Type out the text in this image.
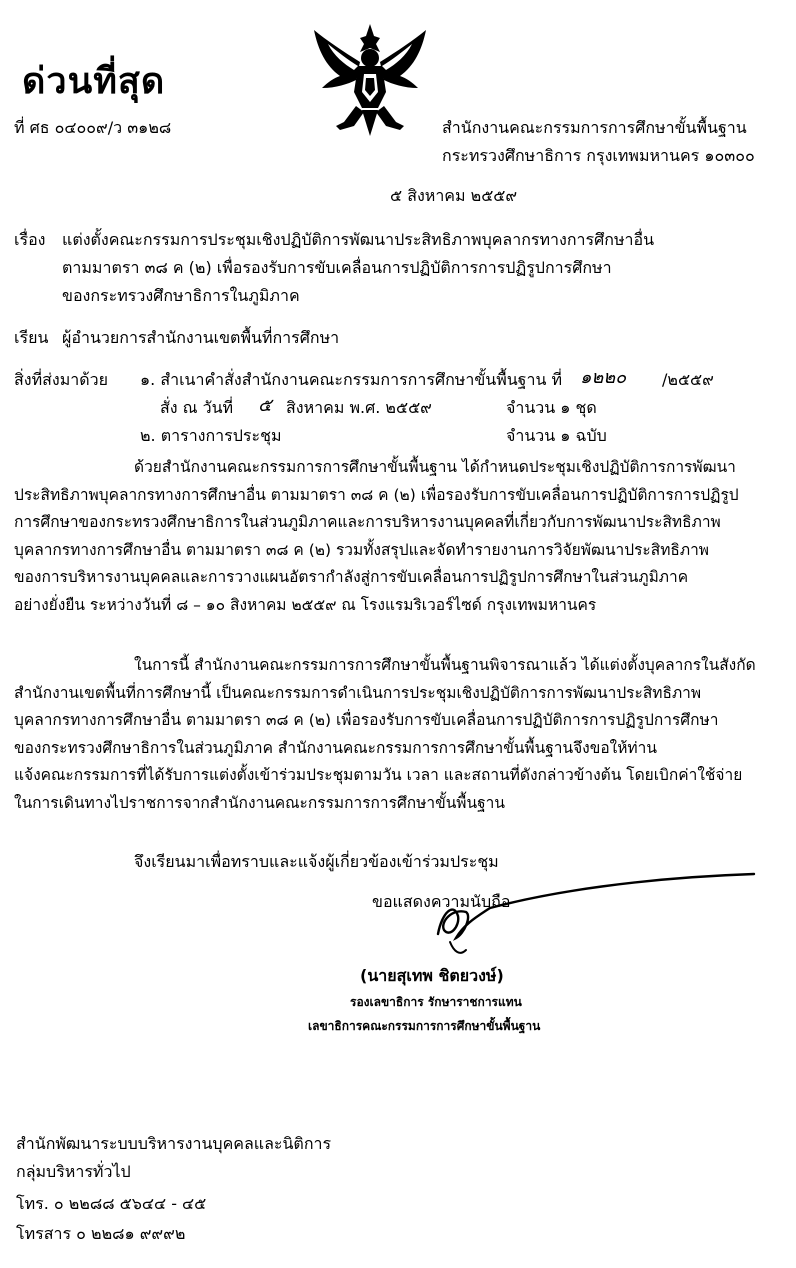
ด่วนที่สุด
ที่ ศธ ๐๔๐๐๙/ว ๓๑๒๘	สำนักงานคณะกรรมการการศึกษาขั้นพื้นฐาน
กระทรวงศึกษาธิการ กรุงเทพมหานคร ๑๐๓๐๐
๕ สิงหาคม ๒๕๕๙
เรื่อง แต่งตั้งคณะกรรมการประชุมเชิงปฏิบัติการพัฒนาประสิทธิภาพบุคลากรทางการศึกษาอื่น
ตามมาตรา ๓๘ ค (๒) เพื่อรองรับการขับเคลื่อนการปฏิบัติการการปฏิรูปการศึกษา
ของกระทรวงศึกษาธิการในภูมิภาค
เรียน ผู้อำนวยการสำนักงานเขตพื้นที่การศึกษา
สิ่งที่ส่งมาด้วย ๑. สำเนาคำสั่งสำนักงานคณะกรรมการการศึกษาขั้นพื้นฐาน ที่ ๑๒๒๐ /๒๕๕๙
สั่ง ณ วันที่ ๕ สิงหาคม พ.ศ. ๒๕๕๙	จำนวน ๑ ชุด
๒. ตารางการประชุม	จำนวน ๑ ฉบับ

ด้วยสำนักงานคณะกรรมการการศึกษาขั้นพื้นฐาน ได้กำหนดประชุมเชิงปฏิบัติการการพัฒนา

ประสิทธิภาพบุคลากรทางการศึกษาอื่น ตามมาตรา ๓๘ ค (๒) เพื่อรองรับการขับเคลื่อนการปฏิบัติการการปฏิรูป

การศึกษาของกระทรวงศึกษาธิการในส่วนภูมิภาคและการบริหารงานบุคคลที่เกี่ยวกับการพัฒนาประสิทธิภาพ

บุคลากรทางการศึกษาอื่น ตามมาตรา ๓๘ ค (๒) รวมทั้งสรุปและจัดทำรายงานการวิจัยพัฒนาประสิทธิภาพ

ของการบริหารงานบุคคลและการวางแผนอัตรากำลังสู่การขับเคลื่อนการปฏิรูปการศึกษาในส่วนภูมิภาค

อย่างยั่งยืน ระหว่างวันที่ ๘ – ๑๐ สิงหาคม ๒๕๕๙ ณ โรงแรมริเวอร์ไซด์ กรุงเทพมหานคร

ในการนี้ สำนักงานคณะกรรมการการศึกษาขั้นพื้นฐานพิจารณาแล้ว ได้แต่งตั้งบุคลากรในสังกัด

สำนักงานเขตพื้นที่การศึกษานี้ เป็นคณะกรรมการดำเนินการประชุมเชิงปฏิบัติการการพัฒนาประสิทธิภาพ

บุคลากรทางการศึกษาอื่น ตามมาตรา ๓๘ ค (๒) เพื่อรองรับการขับเคลื่อนการปฏิบัติการการปฏิรูปการศึกษา

ของกระทรวงศึกษาธิการในส่วนภูมิภาค สำนักงานคณะกรรมการการศึกษาขั้นพื้นฐานจึงขอให้ท่าน

แจ้งคณะกรรมการที่ได้รับการแต่งตั้งเข้าร่วมประชุมตามวัน เวลา และสถานที่ดังกล่าวข้างต้น โดยเบิกค่าใช้จ่าย

ในการเดินทางไปราชการจากสำนักงานคณะกรรมการการศึกษาขั้นพื้นฐาน

จึงเรียนมาเพื่อทราบและแจ้งผู้เกี่ยวข้องเข้าร่วมประชุม
ขอแสดงความนับถือ
(นายสุเทพ ชิตยวงษ์)
รองเลขาธิการ รักษาราชการแทน
เลขาธิการคณะกรรมการการศึกษาขั้นพื้นฐาน
สำนักพัฒนาระบบบริหารงานบุคคลและนิติการ
กลุ่มบริหารทั่วไป
โทร. ๐ ๒๒๘๘ ๕๖๔๔ - ๔๕
โทรสาร ๐ ๒๒๘๑ ๙๙๙๒
